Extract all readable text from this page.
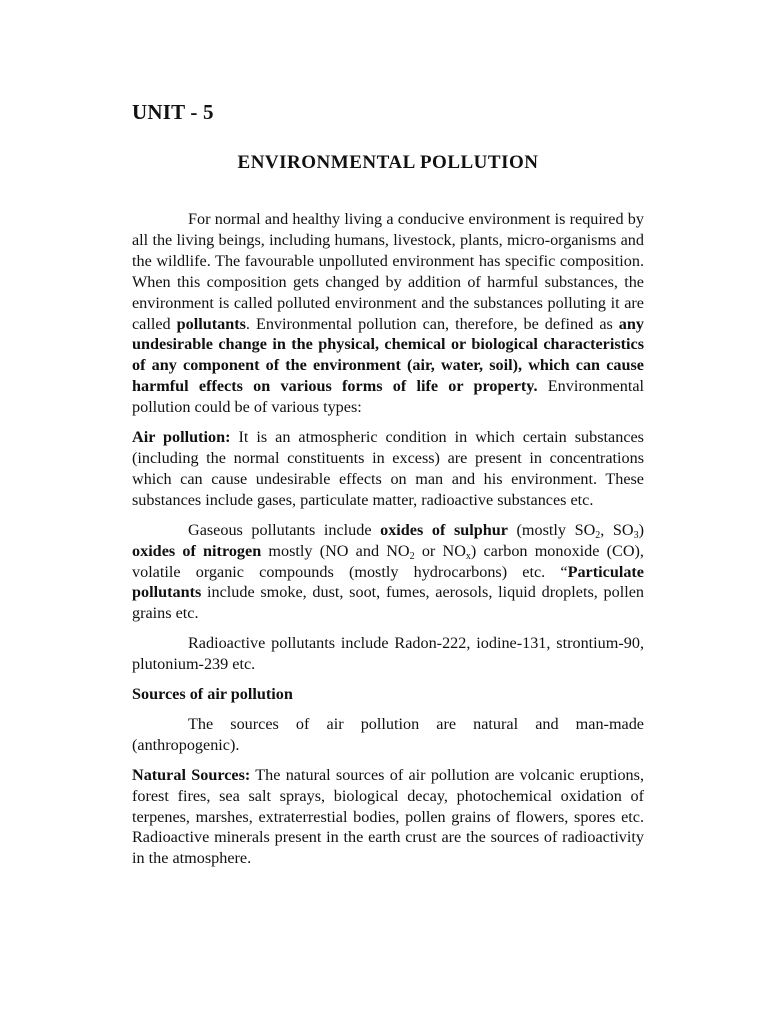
UNIT - 5
ENVIRONMENTAL POLLUTION

For normal and healthy living a conducive environment is required by all the living beings, including humans, livestock, plants, micro-organisms and the wildlife. The favourable unpolluted environment has specific composition. When this composition gets changed by addition of harmful substances, the environment is called polluted environment and the substances polluting it are called pollutants. Environmental pollution can, therefore, be defined as any undesirable change in the physical, chemical or biological characteristics of any component of the environment (air, water, soil), which can cause harmful effects on various forms of life or property. Environmental pollution could be of various types:

Air pollution: It is an atmospheric condition in which certain substances (including the normal constituents in excess) are present in concentrations which can cause undesirable effects on man and his environment. These substances include gases, particulate matter, radioactive substances etc.

Gaseous pollutants include oxides of sulphur (mostly $SO_2$, $SO_3$) oxides of nitrogen mostly (NO and $NO_2$ or $NO_x$) carbon monoxide (CO), volatile organic compounds (mostly hydrocarbons) etc. “Particulate pollutants include smoke, dust, soot, fumes, aerosols, liquid droplets, pollen grains etc.

Radioactive pollutants include Radon-222, iodine-131, strontium-90, plutonium-239 etc.

Sources of air pollution

The sources of air pollution are natural and man-made (anthropogenic).

Natural Sources: The natural sources of air pollution are volcanic eruptions, forest fires, sea salt sprays, biological decay, photochemical oxidation of terpenes, marshes, extraterrestial bodies, pollen grains of flowers, spores etc. Radioactive minerals present in the earth crust are the sources of radioactivity in the atmosphere.
